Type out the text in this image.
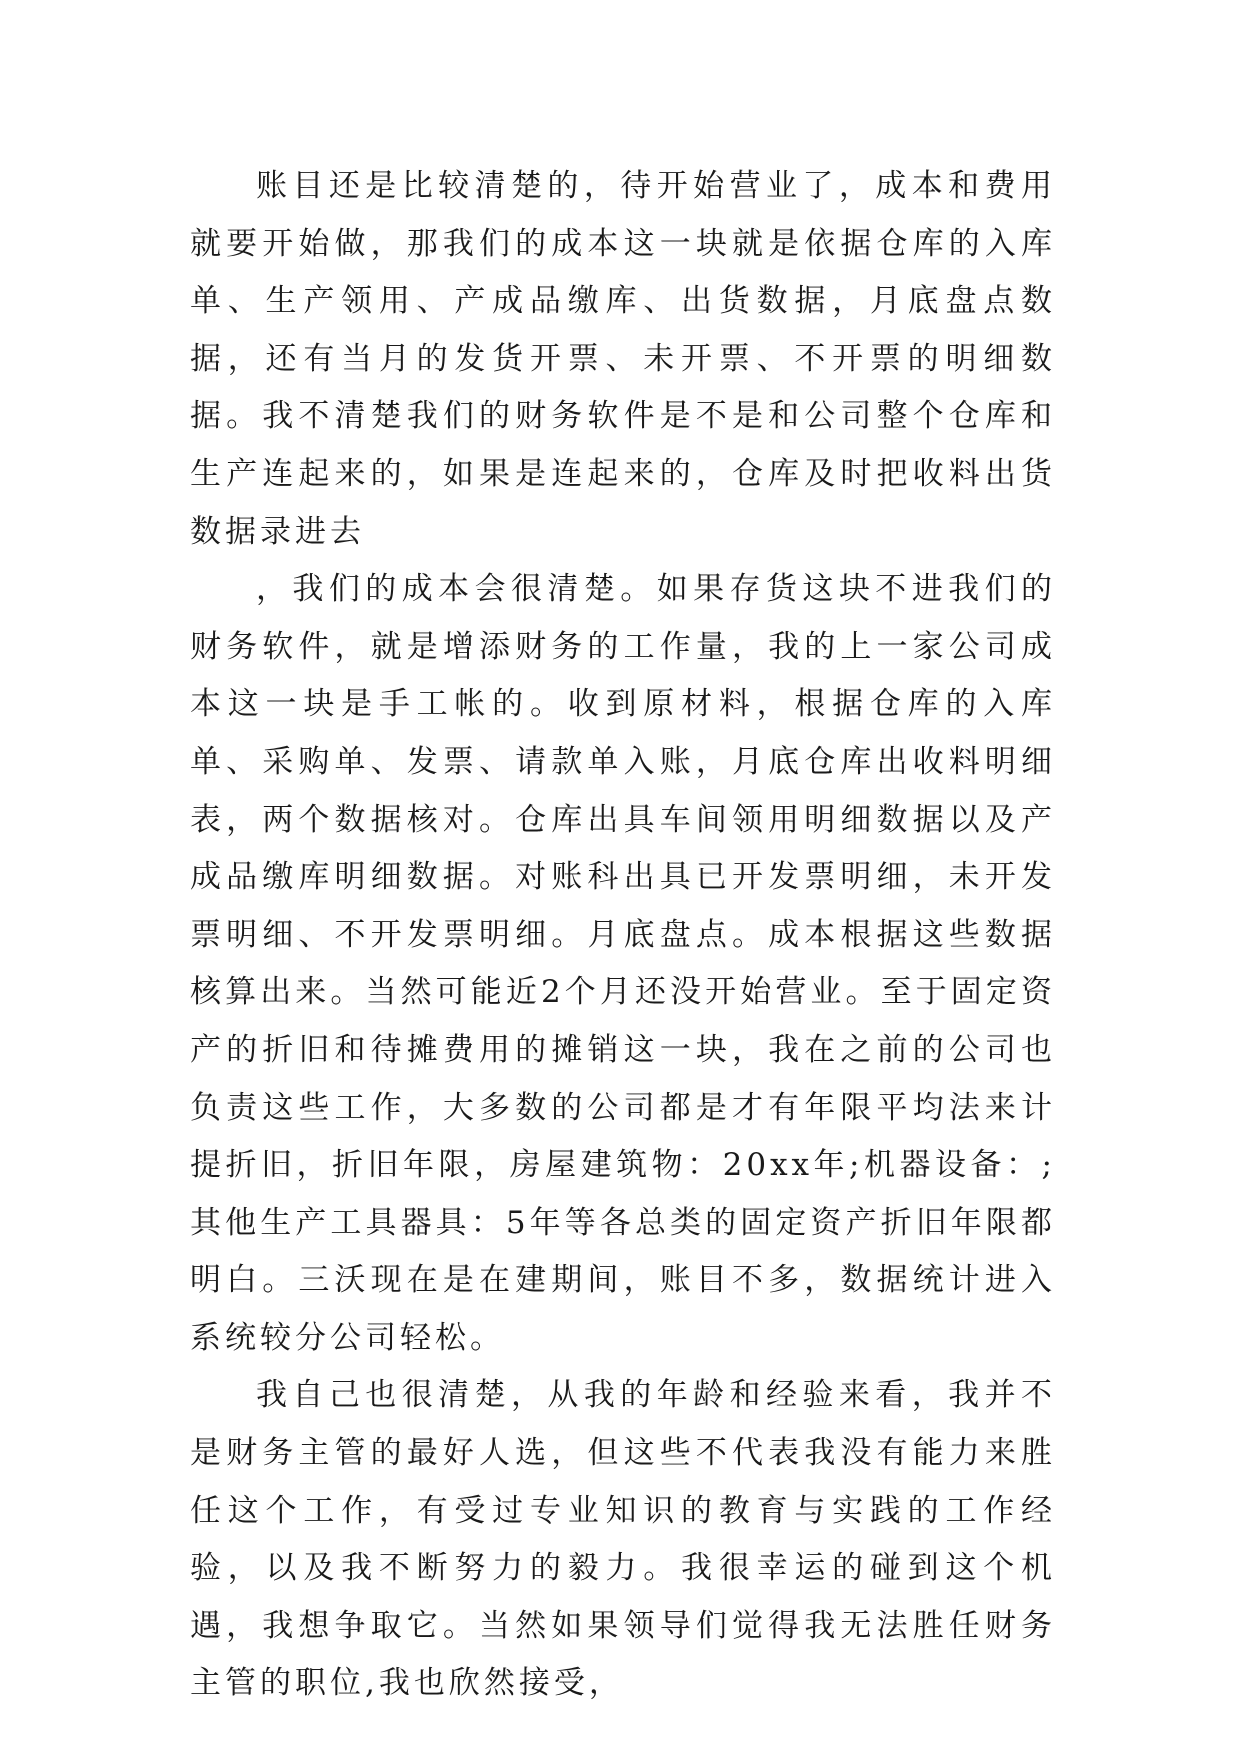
账目还是比较清楚的，待开始营业了，成本和费用就要开始做，那我们的成本这一块就是依据仓库的入库单、生产领用、产成品缴库、出货数据，月底盘点数据，还有当月的发货开票、未开票、不开票的明细数据。我不清楚我们的财务软件是不是和公司整个仓库和生产连起来的，如果是连起来的，仓库及时把收料出货数据录进去

，我们的成本会很清楚。如果存货这块不进我们的财务软件，就是增添财务的工作量，我的上一家公司成本这一块是手工帐的。收到原材料，根据仓库的入库单、采购单、发票、请款单入账，月底仓库出收料明细表，两个数据核对。仓库出具车间领用明细数据以及产成品缴库明细数据。对账科出具已开发票明细，未开发票明细、不开发票明细。月底盘点。成本根据这些数据核算出来。当然可能近2个月还没开始营业。至于固定资产的折旧和待摊费用的摊销这一块，我在之前的公司也负责这些工作，大多数的公司都是才有年限平均法来计提折旧，折旧年限，房屋建筑物：20xx年;机器设备：;其他生产工具器具：5年等各总类的固定资产折旧年限都明白。三沃现在是在建期间，账目不多，数据统计进入系统较分公司轻松。

我自己也很清楚，从我的年龄和经验来看，我并不是财务主管的最好人选，但这些不代表我没有能力来胜任这个工作，有受过专业知识的教育与实践的工作经验，以及我不断努力的毅力。我很幸运的碰到这个机遇，我想争取它。当然如果领导们觉得我无法胜任财务主管的职位,我也欣然接受，
